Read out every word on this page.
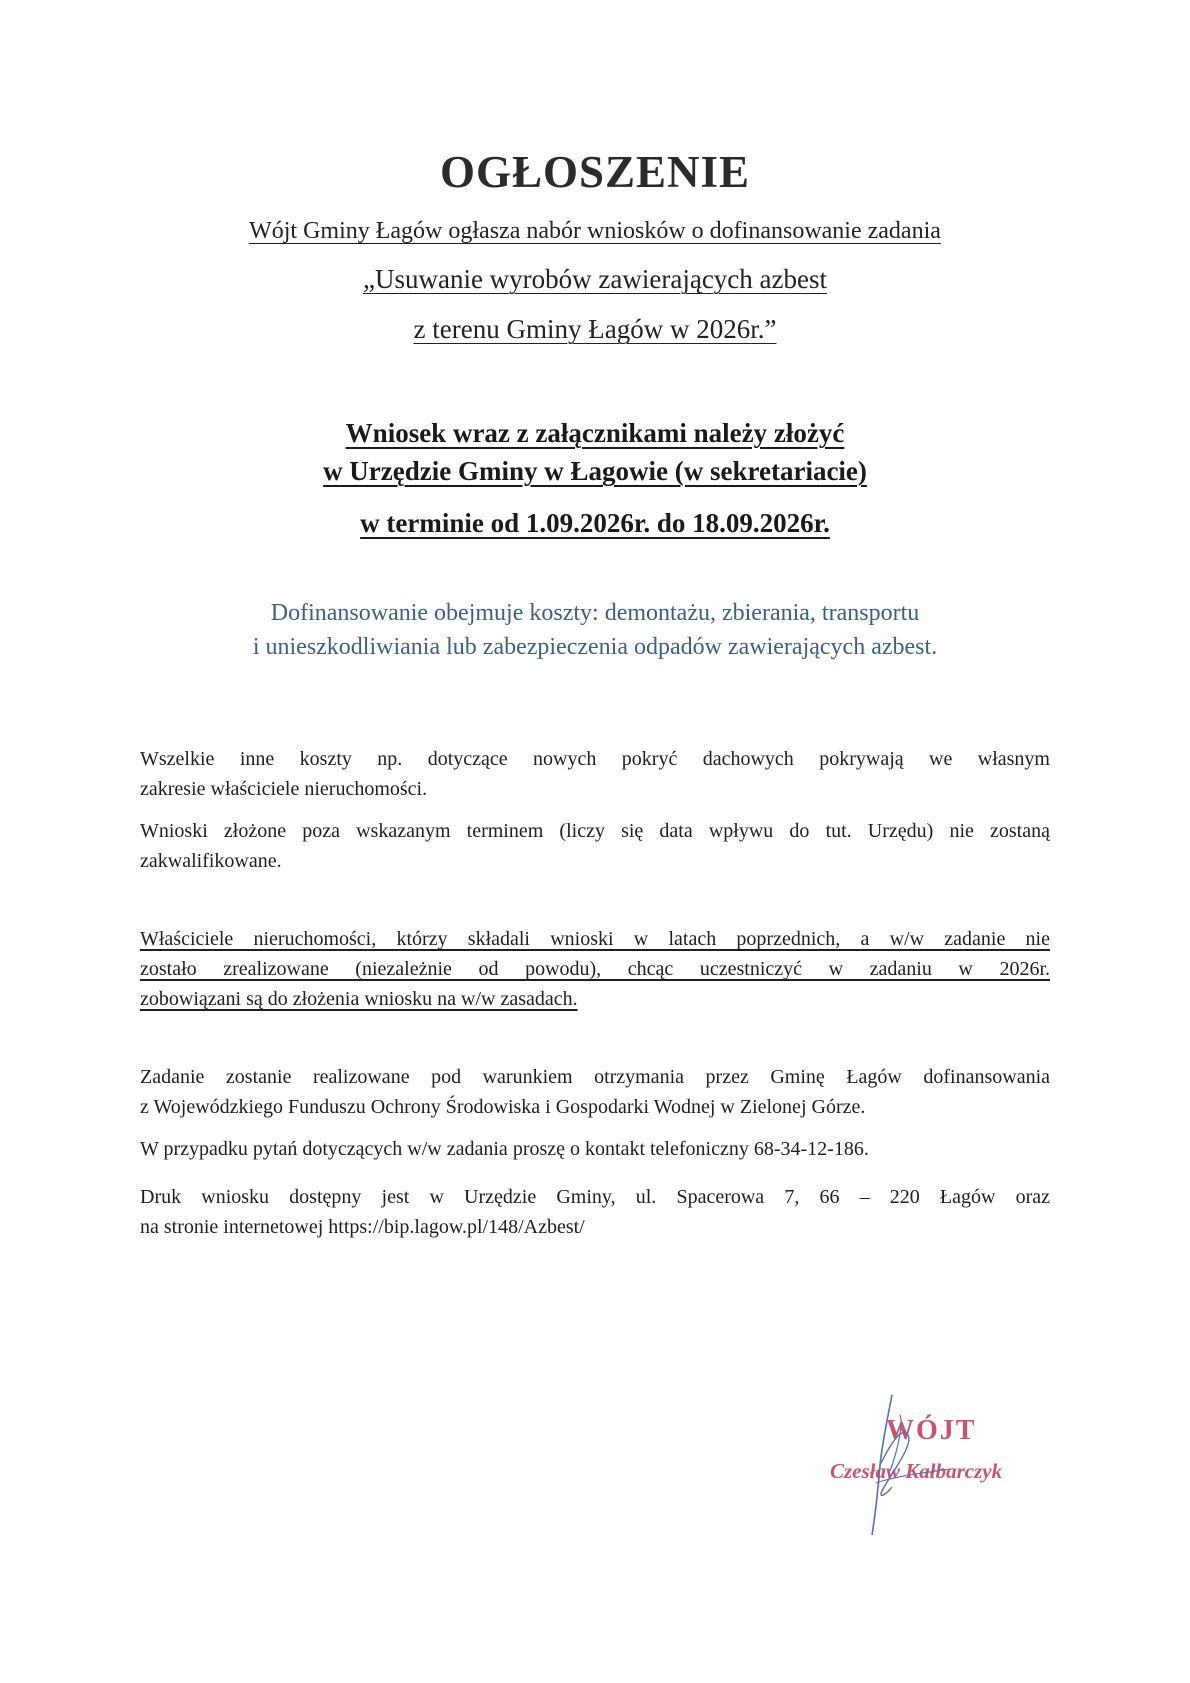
OGŁOSZENIE

Wójt Gminy Łagów ogłasza nabór wniosków o dofinansowanie zadania

„Usuwanie wyrobów zawierających azbest

z terenu Gminy Łagów w 2026r.”

Wniosek wraz z załącznikami należy złożyć

w Urzędzie Gminy w Łagowie (w sekretariacie)

w terminie od 1.09.2026r. do 18.09.2026r.

Dofinansowanie obejmuje koszty: demontażu, zbierania, transportu

i unieszkodliwiania lub zabezpieczenia odpadów zawierających azbest.

Wszelkie inne koszty np. dotyczące nowych pokryć dachowych pokrywają we własnym
zakresie właściciele nieruchomości.
Wnioski złożone poza wskazanym terminem (liczy się data wpływu do tut. Urzędu) nie zostaną
zakwalifikowane.
Właściciele nieruchomości, którzy składali wnioski w latach poprzednich, a w/w zadanie nie
zostało zrealizowane (niezależnie od powodu), chcąc uczestniczyć w zadaniu w 2026r.
zobowiązani są do złożenia wniosku na w/w zasadach.
Zadanie zostanie realizowane pod warunkiem otrzymania przez Gminę Łagów dofinansowania
z Wojewódzkiego Funduszu Ochrony Środowiska i Gospodarki Wodnej w Zielonej Górze.
W przypadku pytań dotyczących w/w zadania proszę o kontakt telefoniczny 68-34-12-186.
Druk wniosku dostępny jest w Urzędzie Gminy, ul. Spacerowa 7, 66 – 220 Łagów oraz
na stronie internetowej https://bip.lagow.pl/148/Azbest/

WÓJT

Czesław Kałbarczyk
